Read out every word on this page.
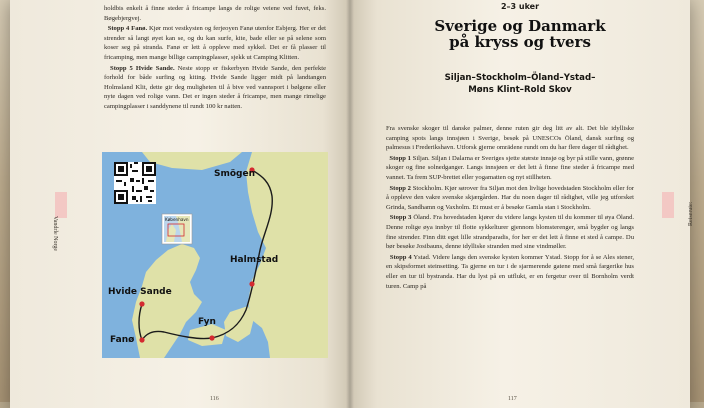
Vandrle Norge

holdbis enkelt å finne steder å fricampe langs de rolige veiene ved fuvet, feks. Bøgebjergvej.

Stopp 4 Fanø. Kjør mot vestkysten og ferjeoyen Fanø utenfor Esbjerg. Her er det strender så langt øyet kan se, og du kan surfe, kite, bade eller se på selene som koser seg på stranda. Fanø er lett å oppleve med sykkel. Det er få plasser til fricamping, men mange billige campingplasser, sjekk ut Camping Klitten.

Stopp 5 Hvide Sande. Neste stopp er fiskerbyen Hvide Sande, den perfekte forhold for både surfing og kiting. Hvide Sande ligger midt på landtangen Holmsland Klit, dette gir deg muligheten til å bive ved vannsport i bølgene eller nyte dagen ved rolige vann. Det er ingen steder å fricampe, men mange rimelige campingplasser i sanddynene til rundt 100 kr natten.

Smögen
Halmstad
Hvide Sande
Fanø
Fyn
København
116
Reiserute:
2–3 uker
Sverige og Danmark
på kryss og tvers
Siljan–Stockholm–Öland–Ystad–
Møns Klint–Rold Skov

Fra svenske skoger til danske palmer, denne ruten gir deg litt av alt. Det ble idylliske camping spots langs innsjøen i Sverige, besøk på UNESCOs Öland, dansk surfing og palmesus i Frederikshavn. Utforsk gjerne omrädene rundt om du har flere dager til rådighet.

Stopp 1 Siljan. Siljan i Dalarna er Sveriges sjette største innsjø og byr på stille vann, grønne skoger og fine solnedganger. Langs innsjøen er det lett å finne fine steder å fricampe med vannet. Ta frem SUP-brettet eller yogamatten og nyt stillheten.

Stopp 2 Stockholm. Kjør sørover fra Siljan mot den livlige hovedstaden Stockholm eller for å oppleve den vakre svenske skjærgården. Har du noen dager til rådighet, ville jeg utforsket Grinda, Sandhamn og Vaxholm. Et must er å besøke Gamla stan i Stockholm.

Stopp 3 Öland. Fra hovedstaden kjører du videre langs kysten til du kommer til øya Öland. Denne rolige øya innbyr til flotte sykkelturer gjennom blomsterenger, små bygder og langs fine strender. Finn ditt eget lille strandparadis, for her er det lett å finne et sted å campe. Du bør besøke Josibauns, denne idylliske stranden med sine vindmøller.

Stopp 4 Ystad. Videre langs den svenske kysten kommer Ystad. Stopp for å se Ales stener, en skipsformet steinsetting. Ta gjerne en tur i de sjarmerende gatene med små fargerike hus eller en tur til bystranda. Har du lyst på en utflukt, er en fergetur over til Bornholm verdt turen. Camp på

117
